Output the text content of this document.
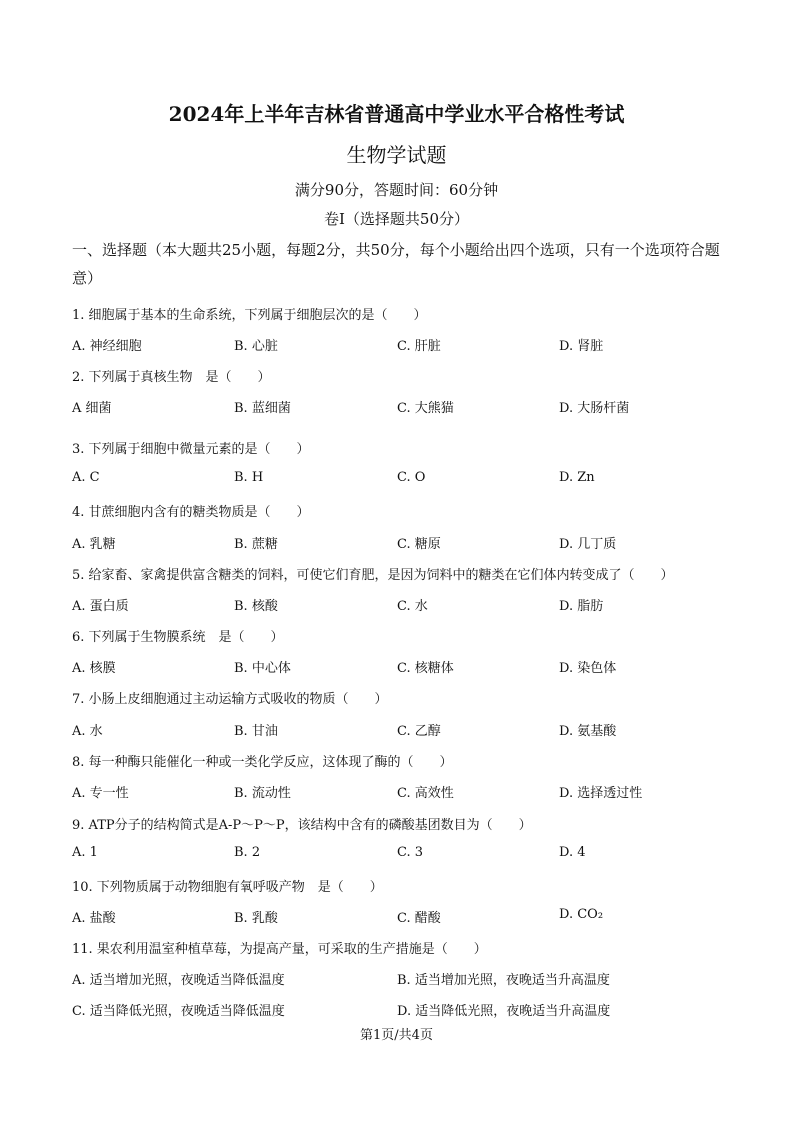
2024年上半年吉林省普通高中学业水平合格性考试
生物学试题
满分90分，答题时间：60分钟
卷I（选择题共50分）
一、选择题（本大题共25小题，每题2分，共50分，每个小题给出四个选项，只有一个选项符合题意）
1. 细胞属于基本的生命系统，下列属于细胞层次的是（　　）
A. 神经细胞	B. 心脏	C. 肝脏	D. 肾脏
2. 下列属于真核生物　是（　　）
A 细菌	B. 蓝细菌	C. 大熊猫	D. 大肠杆菌
3. 下列属于细胞中微量元素的是（　　）
A. C	B. H	C. O	D. Zn
4. 甘蔗细胞内含有的糖类物质是（　　）
A. 乳糖	B. 蔗糖	C. 糖原	D. 几丁质
5. 给家畜、家禽提供富含糖类的饲料，可使它们育肥，是因为饲料中的糖类在它们体内转变成了（　　）
A. 蛋白质	B. 核酸	C. 水	D. 脂肪
6. 下列属于生物膜系统　是（　　）
A. 核膜	B. 中心体	C. 核糖体	D. 染色体
7. 小肠上皮细胞通过主动运输方式吸收的物质（　　）
A. 水	B. 甘油	C. 乙醇	D. 氨基酸
8. 每一种酶只能催化一种或一类化学反应，这体现了酶的（　　）
A. 专一性	B. 流动性	C. 高效性	D. 选择透过性
9. ATP分子的结构简式是A-P～P～P，该结构中含有的磷酸基团数目为（　　）
A. 1	B. 2	C. 3	D. 4
10. 下列物质属于动物细胞有氧呼吸产物　是（　　）
A. 盐酸	B. 乳酸	C. 醋酸	D. CO₂
11. 果农利用温室种植草莓，为提高产量，可采取的生产措施是（　　）
A. 适当增加光照，夜晚适当降低温度	B. 适当增加光照，夜晚适当升高温度
C. 适当降低光照，夜晚适当降低温度	D. 适当降低光照，夜晚适当升高温度
第1页/共4页
